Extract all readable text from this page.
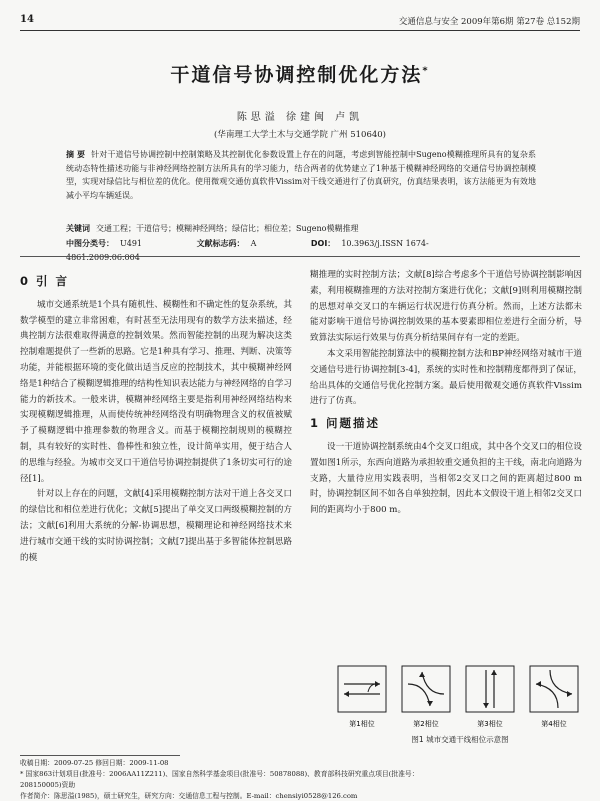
14	交通信息与安全 2009年第6期 第27卷 总152期
干道信号协调控制优化方法*
陈思溢 徐建闽 卢凯
(华南理工大学土木与交通学院 广州 510640)
摘 要 针对干道信号协调控制中控制策略及其控制优化参数设置上存在的问题，考虑到智能控制中Sugeno模糊推理所具有的复杂系统动态特性描述功能与非神经网络控制方法所具有的学习能力，结合两者的优势建立了1种基于模糊神经网络的交通信号协调控制模型，实现对绿信比与相位差的优化。使用微观交通仿真软件Vissim对干线交通进行了仿真研究，仿真结果表明，该方法能更为有效地减小平均车辆延误。
关键词 交通工程；干道信号；模糊神经网络；绿信比；相位差；Sugeno模糊推理
中图分类号： U491	文献标志码： A	DOI： 10.3963/j.ISSN 1674-4861.2009.06.004
0 引 言

城市交通系统是1个具有随机性、模糊性和不确定性的复杂系统，其数学模型的建立非常困难，有时甚至无法用现有的数学方法来描述，经典控制方法很难取得满意的控制效果。然而智能控制的出现为解决这类控制难题提供了一些新的思路。它是1种具有学习、推理、判断、决策等功能，并能根据环境的变化做出适当反应的控制技术，其中模糊神经网络是1种结合了模糊逻辑推理的结构性知识表达能力与神经网络的自学习能力的新技术。一般来讲，模糊神经网络主要是指利用神经网络结构来实现模糊逻辑推理，从而使传统神经网络没有明确物理含义的权值被赋予了模糊逻辑中推理参数的物理含义。而基于模糊控制规则的模糊控制，具有较好的实时性、鲁棒性和独立性，设计简单实用，便于结合人的思维与经验。为城市交叉口干道信号协调控制提供了1条切实可行的途径[1]。

针对以上存在的问题，文献[4]采用模糊控制方法对干道上各交叉口的绿信比和相位差进行优化；文献[5]提出了单交叉口两级模糊控制的方法；文献[6]利用大系统的分解-协调思想，模糊理论和神经网络技术来进行城市交通干线的实时协调控制；文献[7]提出基于多智能体控制思路的模

糊推理的实时控制方法；文献[8]综合考虑多个干道信号协调控制影响因素，利用模糊推理的方法对控制方案进行优化；文献[9]则利用模糊控制的思想对单交叉口的车辆运行状况进行仿真分析。然而，上述方法都未能对影响干道信号协调控制效果的基本要素即相位差进行全面分析，导致算法实际运行效果与仿真分析结果间存有一定的差距。

本文采用智能控制算法中的模糊控制方法和BP神经网络对城市干道交通信号进行协调控制[3-4]，系统的实时性和控制精度都得到了保证，给出具体的交通信号优化控制方案。最后使用微观交通仿真软件Vissim进行了仿真。

1 问题描述

设一干道协调控制系统由4个交叉口组成，其中各个交叉口的相位设置如图1所示，东西向道路为承担较重交通负担的主干线，南北向道路为支路，大量待应用实践表明，当相邻2交叉口之间的距离超过800 m时，协调控制区间不如各自单独控制，因此本文假设干道上相邻2交叉口间的距离均小于800 m。

第1相位	第2相位	第3相位	第4相位
图1 城市交通干线相位示意图
收稿日期：2009-07-25 修回日期：2009-11-08
* 国家863计划项目(批准号：2006AA11Z211)、国家自然科学基金项目(批准号：50878088)、教育部科技研究重点项目(批准号：
208150005)资助
作者简介：陈思溢(1985)，硕士研究生，研究方向：交通信息工程与控制。E-mail：chensiyi0528@126.com
